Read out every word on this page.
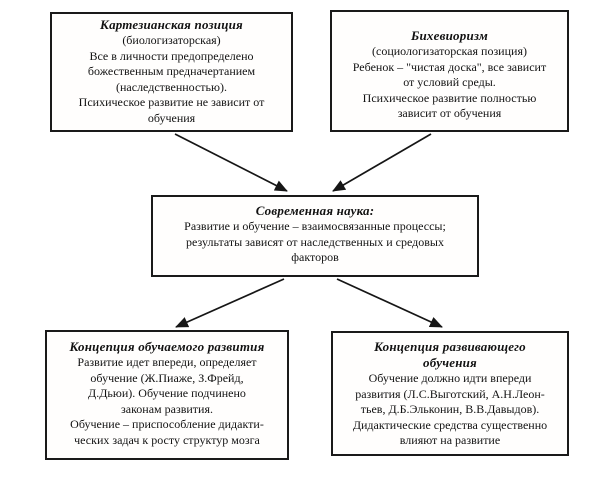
Картезианская позиция
(биологизаторская)
Все в личности предопределено
божественным предначертанием
(наследственностью).
Психическое развитие не зависит от
обучения
Бихевиоризм
(социологизаторская позиция)
Ребенок – "чистая доска", все зависит
от условий среды.
Психическое развитие полностью
зависит от обучения
Современная наука:
Развитие и обучение – взаимосвязанные процессы;
результаты зависят от наследственных и средовых
факторов
Концепция обучаемого развития
Развитие идет впереди, определяет
обучение (Ж.Пиаже, З.Фрейд,
Д.Дьюи). Обучение подчинено
законам развития.
Обучение – приспособление дидакти-
ческих задач к росту структур мозга
Концепция развивающего обучения
Обучение должно идти впереди
развития (Л.С.Выготский, А.Н.Леон-
тьев, Д.Б.Эльконин, В.В.Давыдов).
Дидактические средства существенно
влияют на развитие
